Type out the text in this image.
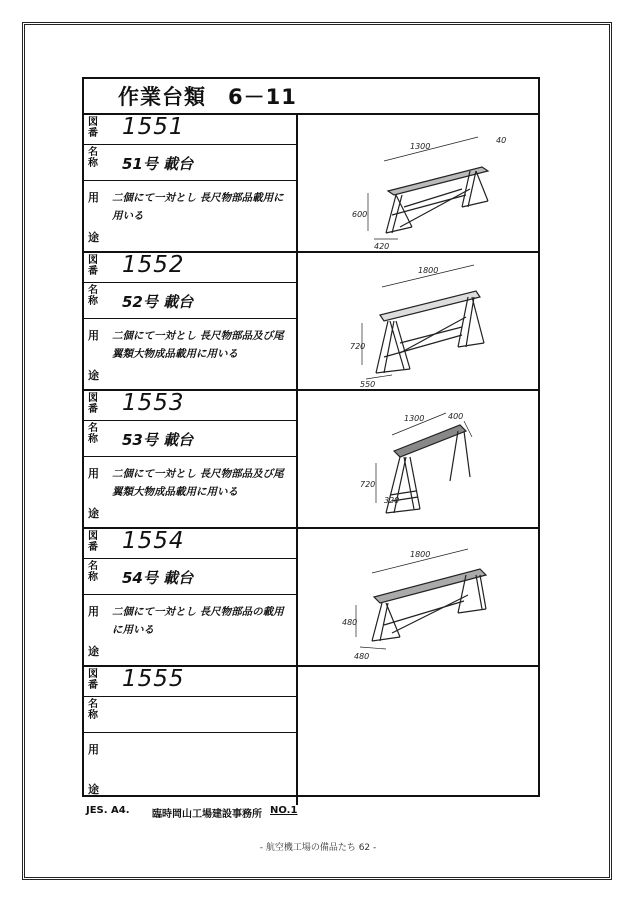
作業台類　6－11
図
番 1551
名
称 51号 載台
用
途
二個にて一対とし 長尺物部品載用に用いる
1300
40
600
420
図
番 1552
名
称 52号 載台
用
途
二個にて一対とし 長尺物部品及び尾翼類大物成品載用に用いる
1800
720
550
図
番 1553
名
称 53号 載台
用
途
二個にて一対とし 長尺物部品及び尾翼類大物成品載用に用いる
1300	400
720
320
図
番 1554
名
称 54号 載台
用
途
二個にて一対とし 長尺物部品の載用に用いる
1800
480
480
図
番 1555
名
称
用
途
JES. A4. 臨時岡山工場建設事務所 NO.1
- 航空機工場の備品たち 62 -
